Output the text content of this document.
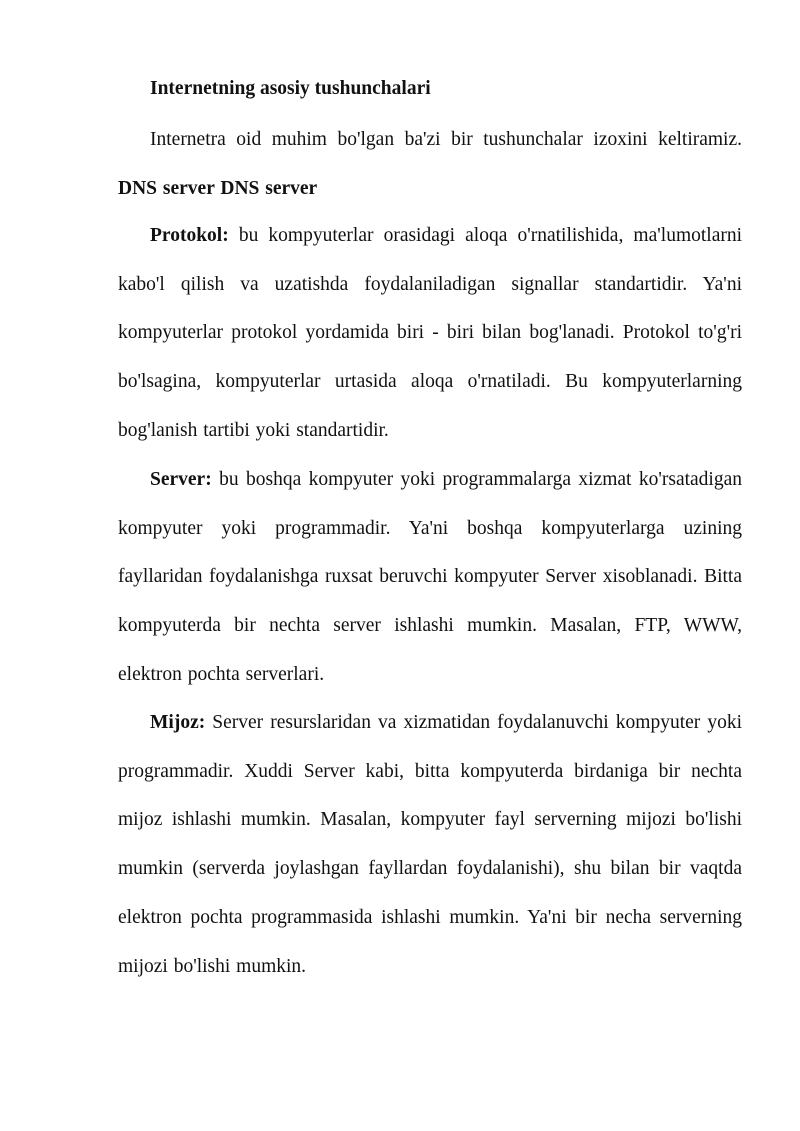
Internetning asosiy tushunchalari

Internetra oid muhim bo'lgan ba'zi bir tushunchalar izoxini keltiramiz. DNS server DNS server

Protokol: bu kompyuterlar orasidagi aloqa o'rnatilishida, ma'lumotlarni kabo'l qilish va uzatishda foydalaniladigan signallar standartidir. Ya'ni kompyuterlar protokol yordamida biri - biri bilan bog'lanadi. Protokol to'g'ri bo'lsagina, kompyuterlar urtasida aloqa o'rnatiladi. Bu kompyuterlarning bog'lanish tartibi yoki standartidir.

Server: bu boshqa kompyuter yoki programmalarga xizmat ko'rsatadigan kompyuter yoki programmadir. Ya'ni boshqa kompyuterlarga uzining fayllaridan foydalanishga ruxsat beruvchi kompyuter Server xisoblanadi. Bitta kompyuterda bir nechta server ishlashi mumkin. Masalan, FTP, WWW, elektron pochta serverlari.

Mijoz: Server resurslaridan va xizmatidan foydalanuvchi kompyuter yoki programmadir. Xuddi Server kabi, bitta kompyuterda birdaniga bir nechta mijoz ishlashi mumkin. Masalan, kompyuter fayl serverning mijozi bo'lishi mumkin (serverda joylashgan fayllardan foydalanishi), shu bilan bir vaqtda elektron pochta programmasida ishlashi mumkin. Ya'ni bir necha serverning mijozi bo'lishi mumkin.
